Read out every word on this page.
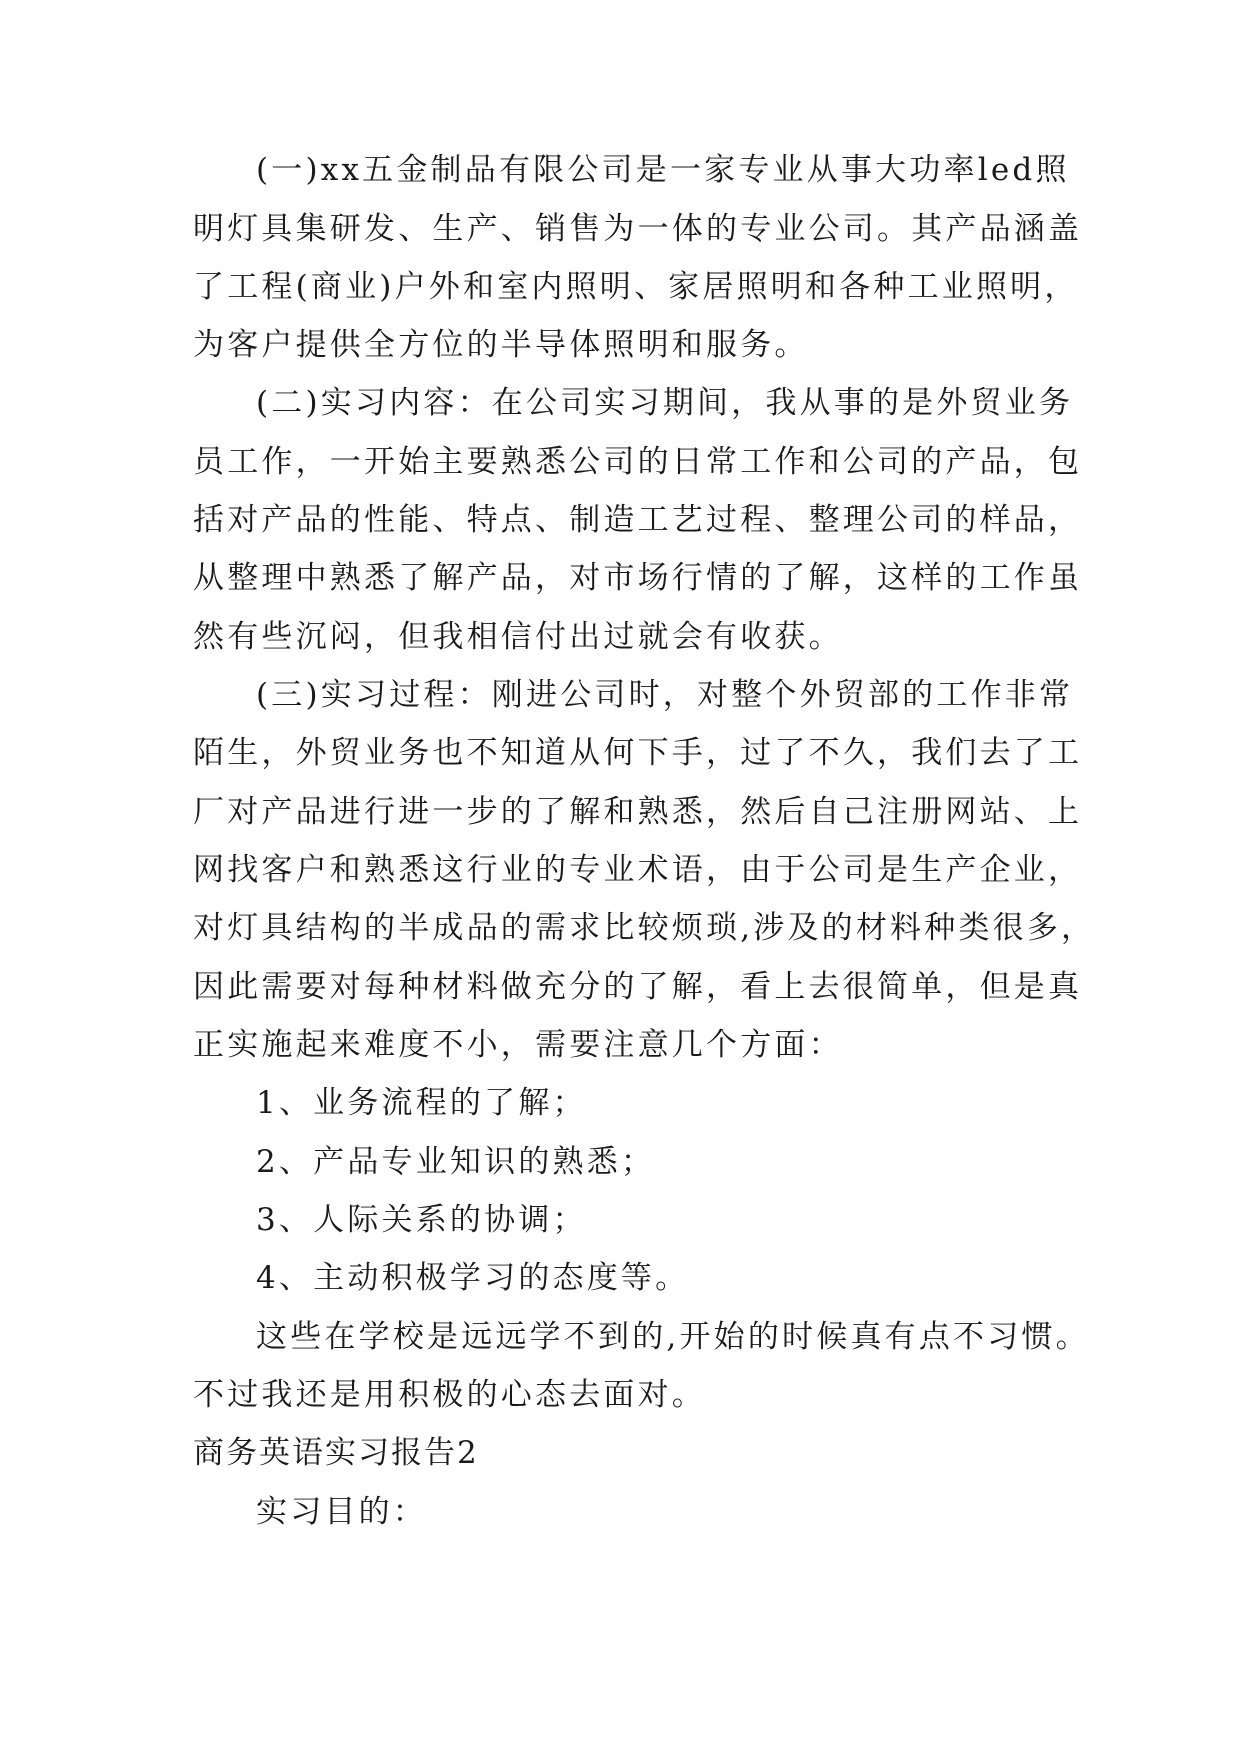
(一)xx五金制品有限公司是一家专业从事大功率led照
明灯具集研发、生产、销售为一体的专业公司。其产品涵盖
了工程(商业)户外和室内照明、家居照明和各种工业照明，
为客户提供全方位的半导体照明和服务。
(二)实习内容：在公司实习期间，我从事的是外贸业务
员工作，一开始主要熟悉公司的日常工作和公司的产品，包
括对产品的性能、特点、制造工艺过程、整理公司的样品，
从整理中熟悉了解产品，对市场行情的了解，这样的工作虽
然有些沉闷，但我相信付出过就会有收获。
(三)实习过程：刚进公司时，对整个外贸部的工作非常
陌生，外贸业务也不知道从何下手，过了不久，我们去了工
厂对产品进行进一步的了解和熟悉，然后自己注册网站、上
网找客户和熟悉这行业的专业术语，由于公司是生产企业，
对灯具结构的半成品的需求比较烦琐,涉及的材料种类很多，
因此需要对每种材料做充分的了解，看上去很简单，但是真
正实施起来难度不小，需要注意几个方面：
1、业务流程的了解；
2、产品专业知识的熟悉；
3、人际关系的协调；
4、主动积极学习的态度等。
这些在学校是远远学不到的,开始的时候真有点不习惯。
不过我还是用积极的心态去面对。
商务英语实习报告2
实习目的：
